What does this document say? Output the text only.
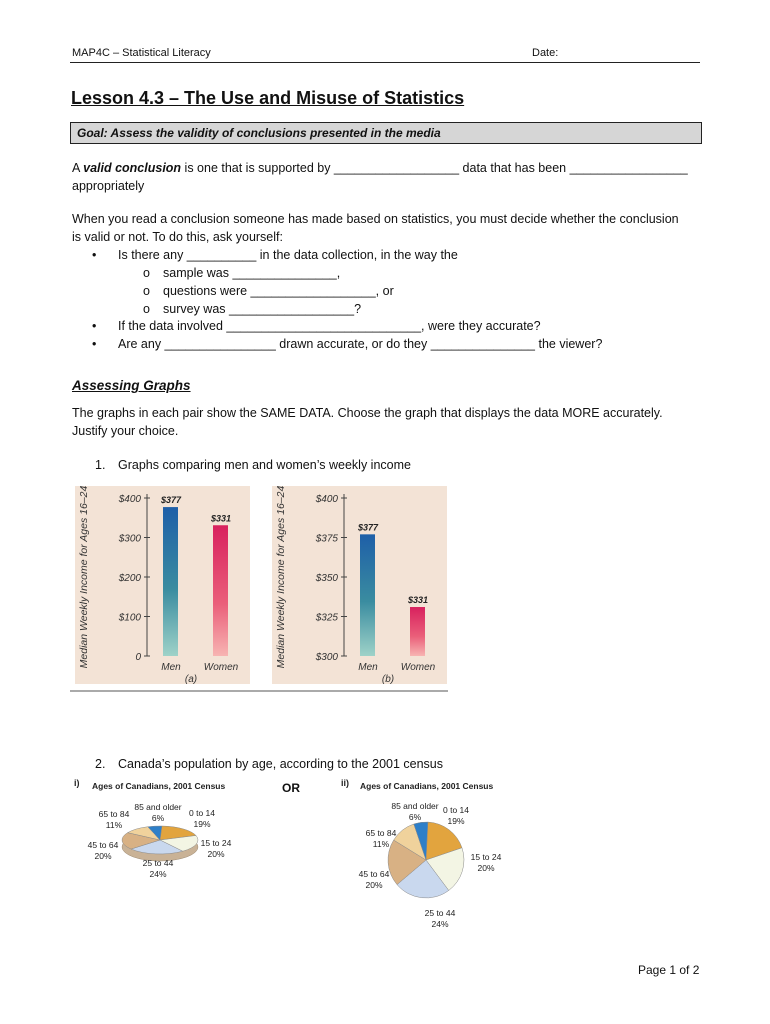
MAP4C – Statistical Literacy	Date:
Lesson 4.3 – The Use and Misuse of Statistics
Goal: Assess the validity of conclusions presented in the media
A valid conclusion is one that is supported by __________________ data that has been _________________
appropriately
When you read a conclusion someone has made based on statistics, you must decide whether the conclusion
is valid or not. To do this, ask yourself:
• Is there any __________ in the data collection, in the way the
o sample was _______________,
o questions were __________________, or
o survey was __________________?
• If the data involved ____________________________, were they accurate?
• Are any ________________ drawn accurate, or do they _______________ the viewer?
Assessing Graphs
The graphs in each pair show the SAME DATA. Choose the graph that displays the data MORE accurately.
Justify your choice.
1. Graphs comparing men and women’s weekly income
Median Weekly Income for Ages 16–24	0
$100
$200
$300
$400 $377
Men
$331
Women
(a)
Median Weekly Income for Ages 16–24	$300
$325
$350
$375
$400
$377
Men
$331
Women
(b)
2. Canada’s population by age, according to the 2001 census
i) Ages of Canadians, 2001 Census
0 to 14
19%
15 to 24
20%
25 to 44
24%
45 to 64
20%
65 to 84
11%
85 and older
6%
ii) Ages of Canadians, 2001 Census
0 to 14
19%
15 to 24
20%
25 to 44
24%
45 to 64
20%
65 to 84
11%
85 and older
6%
OR
Page 1 of 2
